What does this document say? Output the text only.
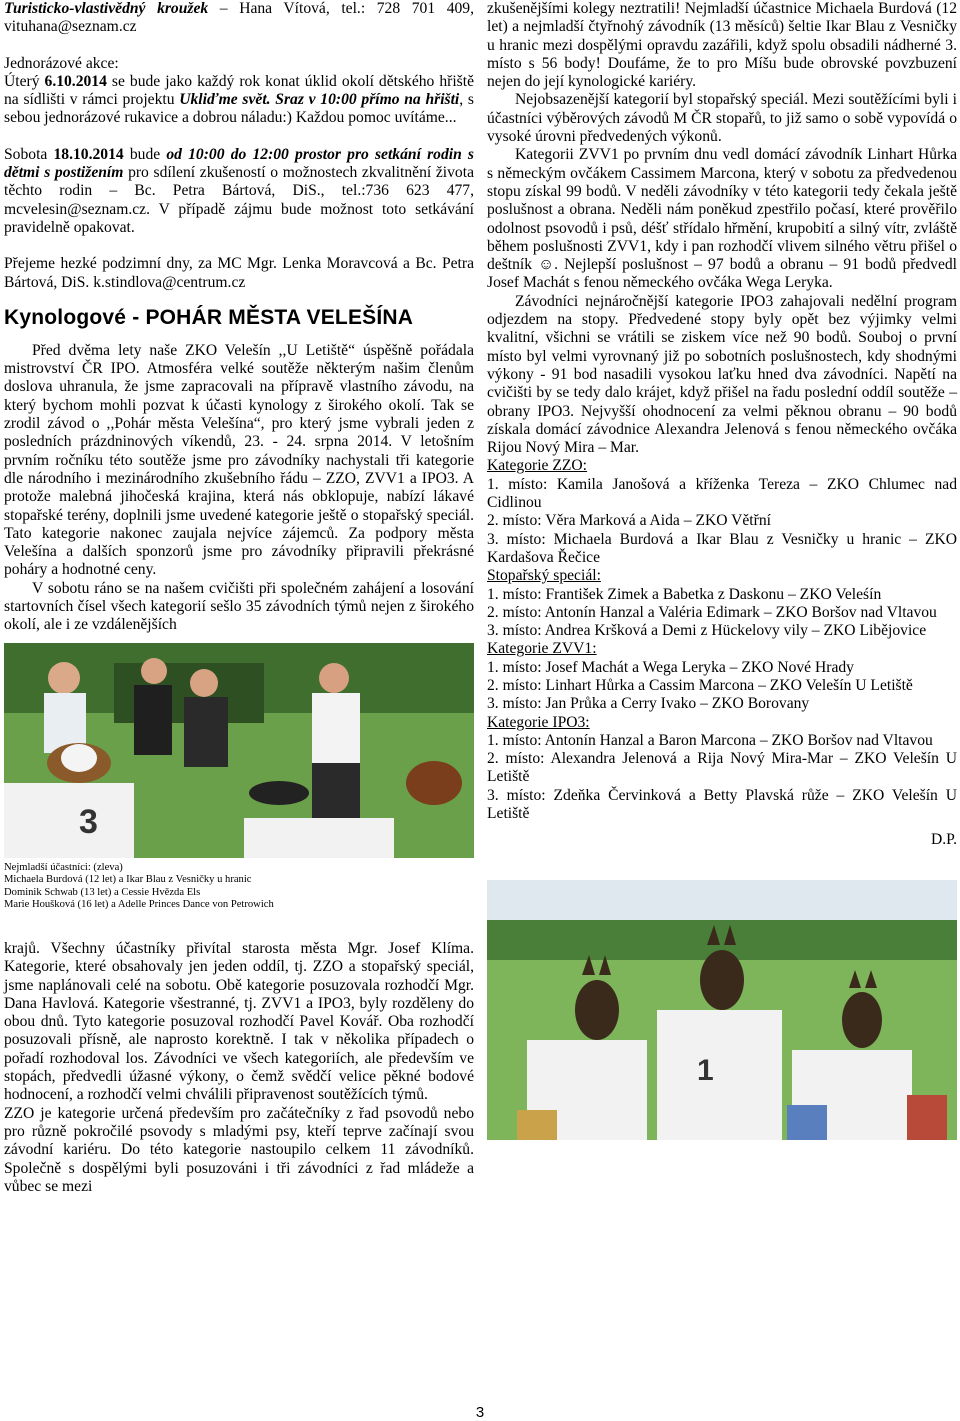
Turisticko-vlastivědný kroužek – Hana Vítová, tel.: 728 701 409, vituhana@seznam.cz

Jednorázové akce:

Úterý 6.10.2014 se bude jako každý rok konat úklid okolí dětského hřiště na sídlišti v rámci projektu Ukliďme svět. Sraz v 10:00 přímo na hřišti, s sebou jednorázové rukavice a dobrou náladu:) Každou pomoc uvítáme...

Sobota 18.10.2014 bude od 10:00 do 12:00 prostor pro setkání rodin s dětmi s postižením pro sdílení zkušeností o možnostech zkvalitnění života těchto rodin – Bc. Petra Bártová, DiS., tel.:736 623 477, mcvelesin@seznam.cz. V případě zájmu bude možnost toto setkávání pravidelně opakovat.

Přejeme hezké podzimní dny, za MC Mgr. Lenka Moravcová a Bc. Petra Bártová, DiS. k.stindlova@centrum.cz

Kynologové - POHÁR MĚSTA VELEŠÍNA

Před dvěma lety naše ZKO Velešín ,,U Letiště“ úspěšně pořádala mistrovství ČR IPO. Atmosféra velké soutěže některým našim členům doslova uhranula, že jsme zapracovali na přípravě vlastního závodu, na který bychom mohli pozvat k účasti kynology z širokého okolí. Tak se zrodil závod o ,,Pohár města Velešína“, pro který jsme vybrali jeden z posledních prázdninových víkendů, 23. - 24. srpna 2014. V letošním prvním ročníku této soutěže jsme pro závodníky nachystali tři kategorie dle národního i mezinárodního zkušebního řádu – ZZO, ZVV1 a IPO3. A protože malebná jihočeská krajina, která nás obklopuje, nabízí lákavé stopařské terény, doplnili jsme uvedené kategorie ještě o stopařský speciál. Tato kategorie nakonec zaujala nejvíce zájemců. Za podpory města Velešína a dalších sponzorů jsme pro závodníky připravili překrásné poháry a hodnotné ceny.

V sobotu ráno se na našem cvičišti při společném zahájení a losování startovních čísel všech kategorií sešlo 35 závodních týmů nejen z širokého okolí, ale i ze vzdálenějších

3
Nejmladší účastníci: (zleva)
Michaela Burdová (12 let) a Ikar Blau z Vesničky u hranic
Dominik Schwab (13 let) a Cessie Hvězda Els
Marie Houšková (16 let) a Adelle Princes Dance von Petrowich

krajů. Všechny účastníky přivítal starosta města Mgr. Josef Klíma. Kategorie, které obsahovaly jen jeden oddíl, tj. ZZO a stopařský speciál, jsme naplánovali celé na sobotu. Obě kategorie posuzovala rozhodčí Mgr. Dana Havlová. Kategorie všestranné, tj. ZVV1 a IPO3, byly rozděleny do obou dnů. Tyto kategorie posuzoval rozhodčí Pavel Kovář. Oba rozhodčí posuzovali přísně, ale naprosto korektně. I tak v několika případech o pořadí rozhodoval los. Závodníci ve všech kategoriích, ale především ve stopách, předvedli úžasné výkony, o čemž svědčí velice pěkné bodové hodnocení, a rozhodčí velmi chválili připravenost soutěžících týmů.

ZZO je kategorie určená především pro začátečníky z řad psovodů nebo pro různě pokročilé psovody s mladými psy, kteří teprve začínají svou závodní kariéru. Do této kategorie nastoupilo celkem 11 závodníků. Společně s dospělými byli posuzováni i tři závodníci z řad mládeže a vůbec se mezi

zkušenějšími kolegy neztratili! Nejmladší účastnice Michaela Burdová (12 let) a nejmladší čtyřnohý závodník (13 měsíců) šeltie Ikar Blau z Vesničky u hranic mezi dospělými opravdu zazářili, když spolu obsadili nádherné 3. místo s 56 body! Doufáme, že to pro Míšu bude obrovské povzbuzení nejen do její kynologické kariéry.

Nejobsazenější kategorií byl stopařský speciál. Mezi soutěžícími byli i účastníci výběrových závodů M ČR stopařů, to již samo o sobě vypovídá o vysoké úrovni předvedených výkonů.

Kategorii ZVV1 po prvním dnu vedl domácí závodník Linhart Hůrka s německým ovčákem Cassimem Marcona, který v sobotu za předvedenou stopu získal 99 bodů. V neděli závodníky v této kategorii tedy čekala ještě poslušnost a obrana. Neděli nám poněkud zpestřilo počasí, které prověřilo odolnost psovodů i psů, déšť střídalo hřmění, krupobití a silný vítr, zvláště během poslušnosti ZVV1, kdy i pan rozhodčí vlivem silného větru přišel o deštník ☺. Nejlepší poslušnost – 97 bodů a obranu – 91 bodů předvedl Josef Machát s fenou německého ovčáka Wega Leryka.

Závodníci nejnáročnější kategorie IPO3 zahajovali nedělní program odjezdem na stopy. Předvedené stopy byly opět bez výjimky velmi kvalitní, všichni se vrátili se ziskem více než 90 bodů. Souboj o první místo byl velmi vyrovnaný již po sobotních poslušnostech, kdy shodnými výkony - 91 bod nasadili vysokou laťku hned dva závodníci. Napětí na cvičišti by se tedy dalo krájet, když přišel na řadu poslední oddíl soutěže – obrany IPO3. Nejvyšší ohodnocení za velmi pěknou obranu – 90 bodů získala domácí závodnice Alexandra Jelenová s fenou německého ovčáka Rijou Nový Mira – Mar.

Kategorie ZZO:

1. místo: Kamila Janošová a kříženka Tereza – ZKO Chlumec nad Cidlinou

2. místo: Věra Marková a Aida – ZKO Větřní

3. místo: Michaela Burdová a Ikar Blau z Vesničky u hranic – ZKO Kardašova Řečice

Stopařský speciál:

1. místo: František Zimek a Babetka z Daskonu – ZKO Veleśín

2. místo: Antonín Hanzal a Valéria Edimark – ZKO Boršov nad Vltavou

3. místo: Andrea Kršková a Demi z Hückelovy vily – ZKO Libějovice

Kategorie ZVV1:

1. místo: Josef Machát a Wega Leryka – ZKO Nové Hrady

2. místo: Linhart Hůrka a Cassim Marcona – ZKO Velešín U Letiště

3. místo: Jan Průka a Cerry Ivako – ZKO Borovany

Kategorie IPO3:

1. místo: Antonín Hanzal a Baron Marcona – ZKO Boršov nad Vltavou

2. místo: Alexandra Jelenová a Rija Nový Mira-Mar – ZKO Velešín U Letiště

3. místo: Zdeňka Červinková a Betty Plavská růže – ZKO Velešín U Letiště

D.P.

1
3
